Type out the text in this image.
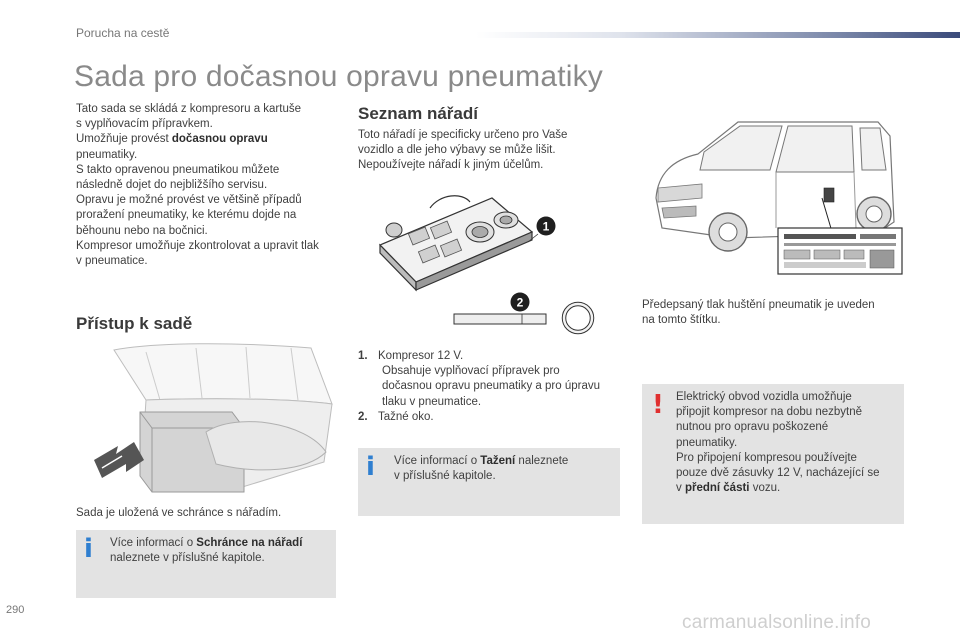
Porucha na cestě
Sada pro dočasnou opravu pneumatiky

Tato sada se skládá z kompresoru a kartuše

s vyplňovacím přípravkem.

Umožňuje provést dočasnou opravu

pneumatiky.

S takto opravenou pneumatikou můžete

následně dojet do nejbližšího servisu.

Opravu je možné provést ve většině případů

proražení pneumatiky, ke kterému dojde na

běhounu nebo na bočnici.

Kompresor umožňuje zkontrolovat a upravit tlak

v pneumatice.

Přístup k sadě
Sada je uložená ve schránce s nářadím.
i Více informací o Schránce na nářadí

naleznete v příslušné kapitole.

Seznam nářadí

Toto nářadí je specificky určeno pro Vaše

vozidlo a dle jeho výbavy se může lišit.

Nepoužívejte nářadí k jiným účelům.

1
2

1. Kompresor 12 V.

Obsahuje vyplňovací přípravek pro

dočasnou opravu pneumatiky a pro úpravu

tlaku v pneumatice.

2. Tažné oko.

i Více informací o Tažení naleznete

v příslušné kapitole.

Předepsaný tlak huštění pneumatik je uveden

na tomto štítku.

! Elektrický obvod vozidla umožňuje

připojit kompresor na dobu nezbytně

nutnou pro opravu poškozené

pneumatiky.

Pro připojení kompresou používejte

pouze dvě zásuvky 12 V, nacházející se

v přední části vozu.

290
carmanualsonline.info
